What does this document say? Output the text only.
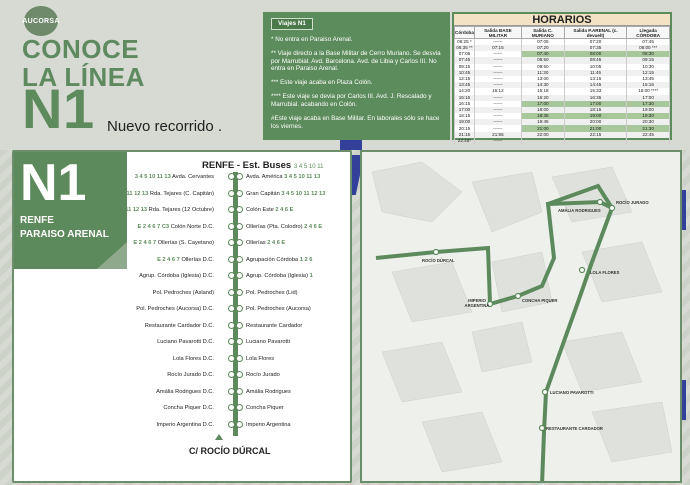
AUCORSA
CONOCE
LA LÍNEA
N1 Nuevo recorrido .
Viajes N1

* No entra en Paraiso Arenal.

** Viaje directo a la Base Militar de Cerro Muriano. Se desvia por Marrubial. Avd. Barcelona. Avd. de Libia y Carlos III. No entra en Paraiso Arenal.

*** Este viaje acaba en Plaza Colón.

**** Este viaje se devia por Carlos III. Avd. J. Rescalado y Marrubial. acabando en Colón.

#Este viaje acaba en Base Militar. En laborales sólo se hace los viernes.

HORARIOS
Córdoba	Salida BASE MILITAR	Salida C. MURIANO	Salida P.ARENAL (c. devuelt)	Llegada CÓRDOBA
06:25 *	------	07:05	07:20	07:45
06:35 **	07:15	07:20	07:35	08:00 ***
07:05	------	07:40	08:00	08:30
07:45	------	08:50	08:45	09:15
09:15	------	09:50	10:05	10:30
10:45	------	11:30	11:45	12:15
12:15	------	13:00	13:15	13:45
13:45	------	14:30	14:45	15:15
14:20	15:12	15:18	15:33	16:00 ****
15:15	------	16:20	16:35	17:00
16:15	------	17:00	17:00	17:30
17:00	------	18:00	18:15	19:00
18:15	------	18:35	19:00	19:30
19:00	------	19:45	20:00	20:30
20:15	------	21:00	21:00	21:30
21:15	21:55	22:00	22:15	22:45
22:45*	------			
N1
RENFE
PARAISO ARENAL
RENFE - Est. Buses 3 4 5 10 11
3 4 5 10 11 13 Avda. Cervantes
2 3 6 8 11 12 13 Rda. Tejares (C. Capitán)
5 6 8 10 11 12 13 Rda. Tejares (12 Octubre)
E 2 4 6 7 C3 Colón Norte D.C.
E 2 4 6 7 Ollerías (S. Cayetano)
E 2 4 6 7 Ollerías D.C.
Agrup. Córdoba (Iglesia) D.C.
Pol. Pedroches (Asland)
Pol. Pedroches (Aucorsa) D.C.
Restaurante Cardador D.C.
Luciano Pavarotti D.C.
Lola Flores D.C.
Rocío Jurado D.C.
Amália Rodrigues D.C.
Concha Piquer D.C.
Imperio Argentina D.C.
Avda. América 3 4 5 10 11 13
Gran Capitán 3 4 5 10 11 12 13
Colón Este 2 4 6 E
Ollerías (Pta. Colodro) 2 4 6 E
Ollerías 2 4 6 E
Agrupación Córdoba 1 2 6
Agrup. Córdoba (Iglesia) 1
Pol. Pedroches (Lid)
Pol. Pedroches (Aucorsa)
Restaurante Cardador
Luciano Pavarotti
Lola Flores
Rocío Jurado
Amália Rodrigues
Concha Piquer
Imperio Argentina
C/ ROCÍO DÚRCAL
ROCÍO DÚRCAL
IMPERIO ARGENTINA
CONCHA PIQUER
AMÁLIA RODRIGUES
ROCÍO JURADO
LOLA FLORES
LUCIANO PAVAROTTI
RESTAURANTE CARDADOR
